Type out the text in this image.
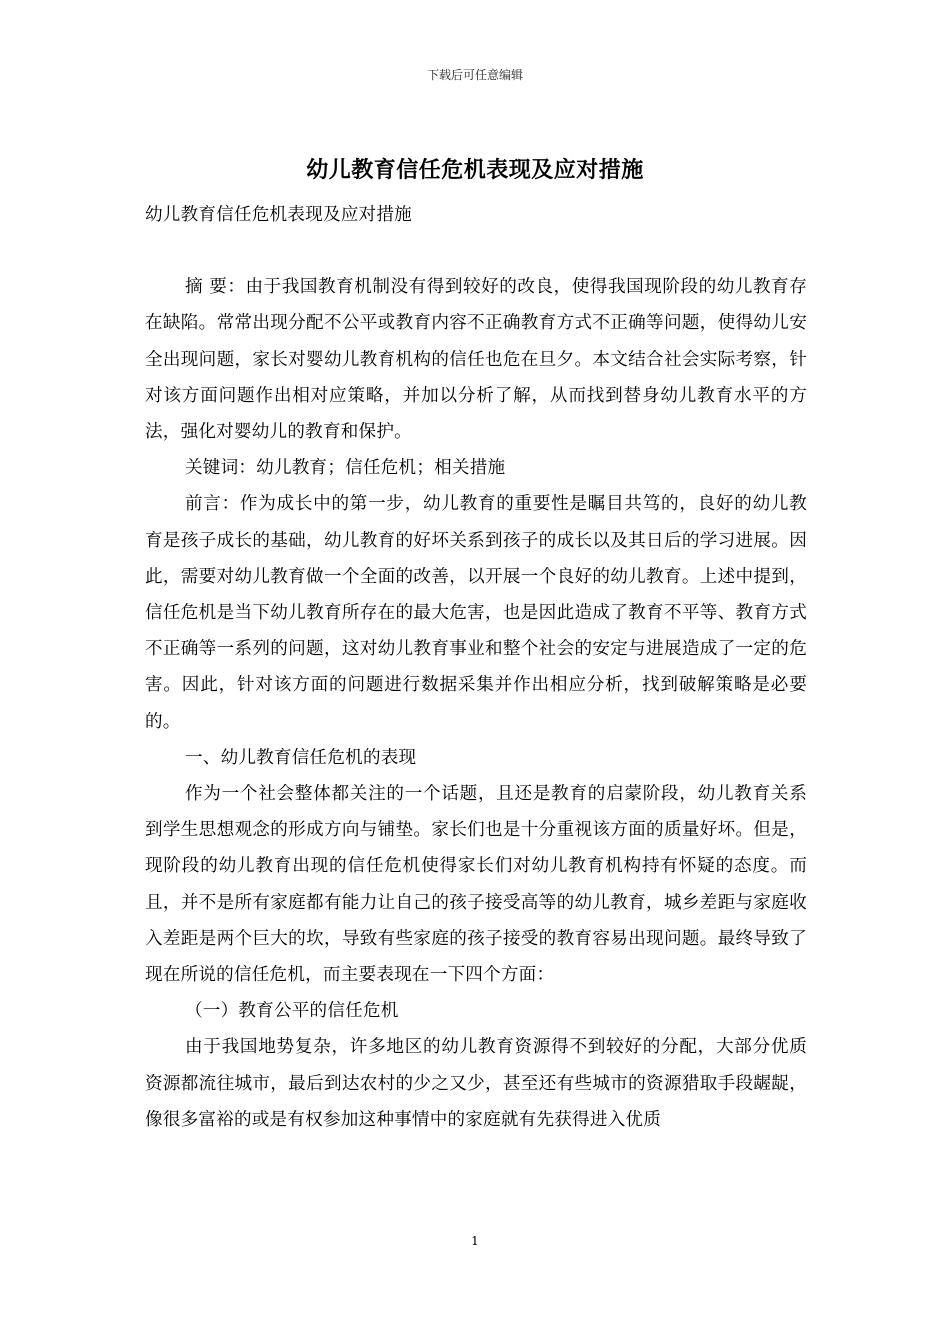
下载后可任意编辑
幼儿教育信任危机表现及应对措施

幼儿教育信任危机表现及应对措施

摘 要：由于我国教育机制没有得到较好的改良，使得我国现阶段的幼儿教育存在缺陷。常常出现分配不公平或教育内容不正确教育方式不正确等问题，使得幼儿安全出现问题，家长对婴幼儿教育机构的信任也危在旦夕。本文结合社会实际考察，针对该方面问题作出相对应策略，并加以分析了解，从而找到替身幼儿教育水平的方法，强化对婴幼儿的教育和保护。

关键词：幼儿教育；信任危机；相关措施

前言：作为成长中的第一步，幼儿教育的重要性是瞩目共笃的，良好的幼儿教育是孩子成长的基础，幼儿教育的好坏关系到孩子的成长以及其日后的学习进展。因此，需要对幼儿教育做一个全面的改善，以开展一个良好的幼儿教育。上述中提到，信任危机是当下幼儿教育所存在的最大危害，也是因此造成了教育不平等、教育方式不正确等一系列的问题，这对幼儿教育事业和整个社会的安定与进展造成了一定的危害。因此，针对该方面的问题进行数据采集并作出相应分析，找到破解策略是必要的。

一、幼儿教育信任危机的表现

作为一个社会整体都关注的一个话题，且还是教育的启蒙阶段，幼儿教育关系到学生思想观念的形成方向与铺垫。家长们也是十分重视该方面的质量好坏。但是，现阶段的幼儿教育出现的信任危机使得家长们对幼儿教育机构持有怀疑的态度。而且，并不是所有家庭都有能力让自己的孩子接受高等的幼儿教育，城乡差距与家庭收入差距是两个巨大的坎，导致有些家庭的孩子接受的教育容易出现问题。最终导致了现在所说的信任危机，而主要表现在一下四个方面：

（一）教育公平的信任危机

由于我国地势复杂，许多地区的幼儿教育资源得不到较好的分配，大部分优质资源都流往城市，最后到达农村的少之又少，甚至还有些城市的资源猎取手段龌龊，像很多富裕的或是有权参加这种事情中的家庭就有先获得进入优质

1
